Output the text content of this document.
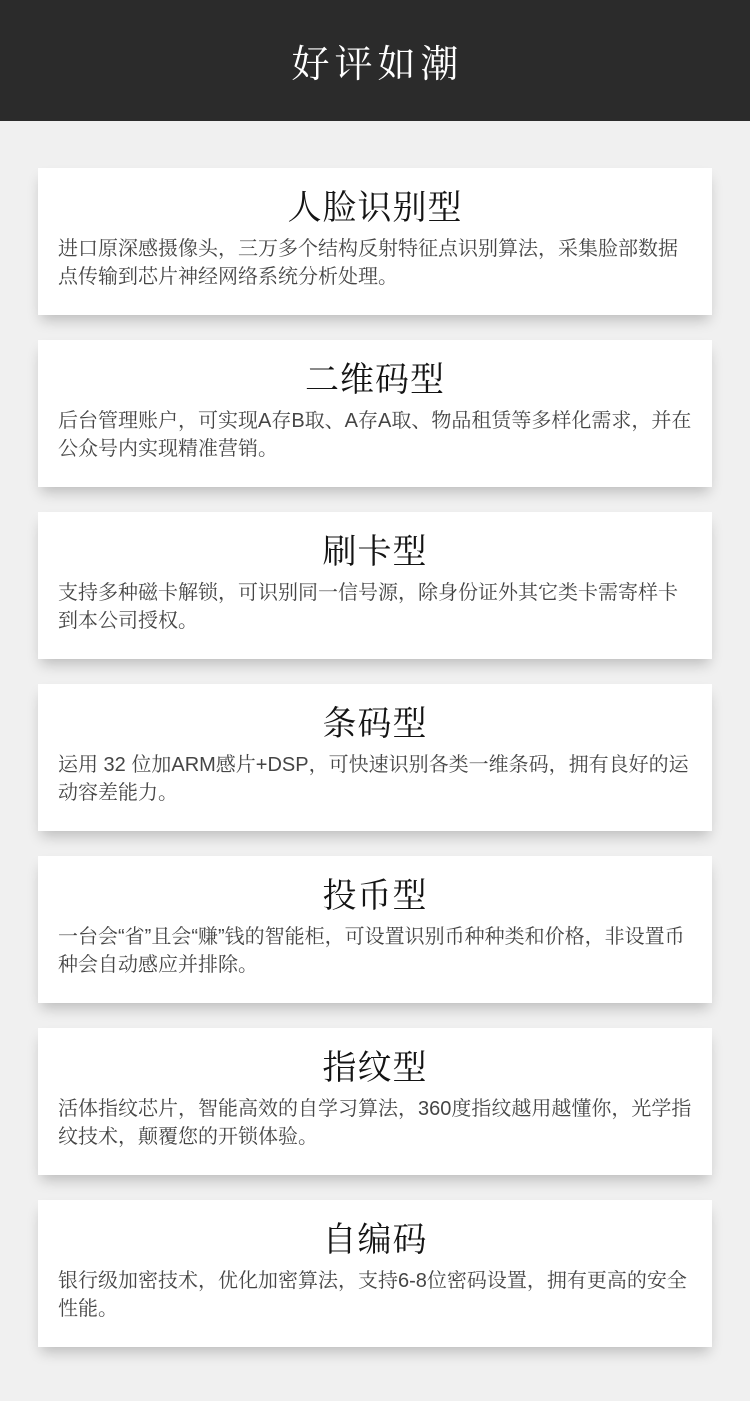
好评如潮
人脸识别型

进口原深感摄像头，三万多个结构反射特征点识别算法，采集脸部数据点传输到芯片神经网络系统分析处理。

二维码型

后台管理账户，可实现A存B取、A存A取、物品租赁等多样化需求，并在公众号内实现精准营销。

刷卡型

支持多种磁卡解锁，可识别同一信号源，除身份证外其它类卡需寄样卡到本公司授权。

条码型

运用 32 位加ARM感片+DSP，可快速识别各类一维条码，拥有良好的运动容差能力。

投币型

一台会“省”且会“赚”钱的智能柜，可设置识别币种种类和价格，非设置币种会自动感应并排除。

指纹型

活体指纹芯片，智能高效的自学习算法，360度指纹越用越懂你，光学指纹技术，颠覆您的开锁体验。

自编码

银行级加密技术，优化加密算法，支持6-8位密码设置，拥有更高的安全性能。
